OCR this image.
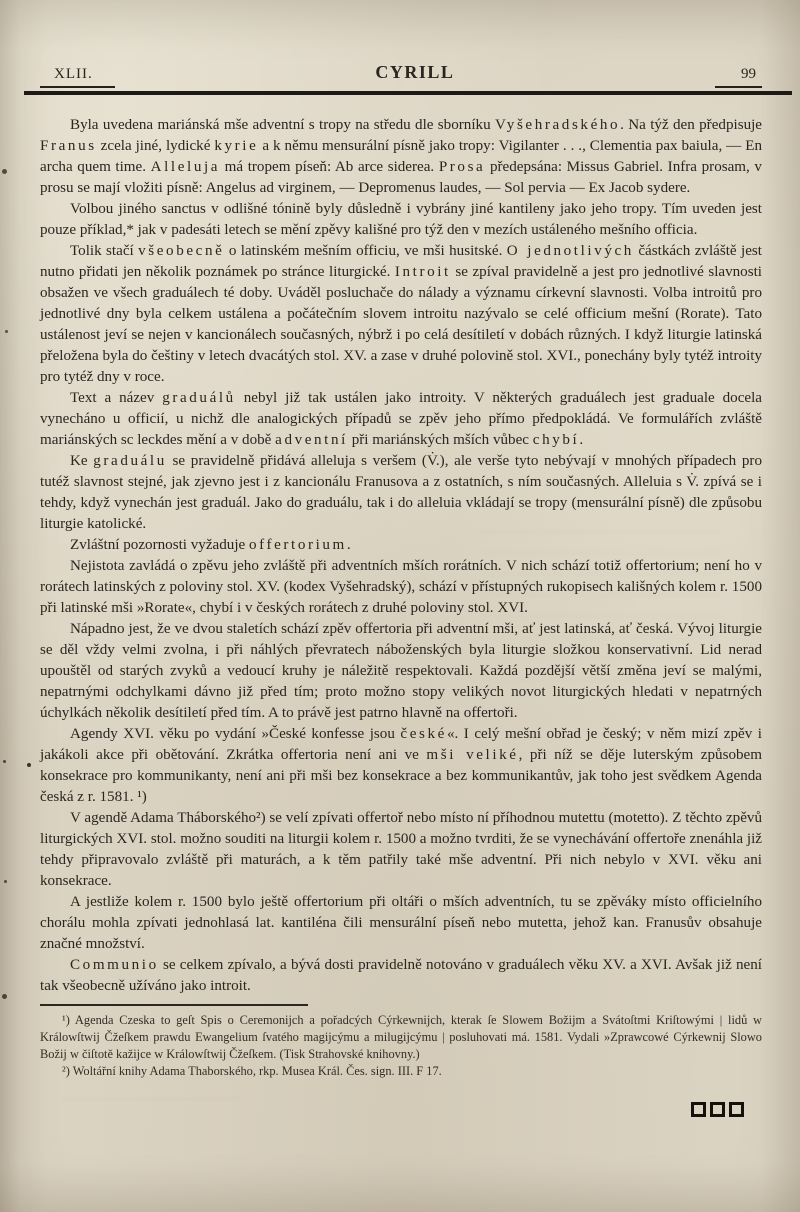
XLII.	CYRILL	99

Byla uvedena mariánská mše adventní s tropy na středu dle sborníku Vyšehradského. Na týž den předpisuje Franus zcela jiné, lydické kyrie a k němu mensurální písně jako tropy: Vigilanter . . ., Clementia pax baiula, — En archa quem time. Alleluja má tropem píseň: Ab arce siderea. Prosa předepsána: Missus Gabriel. Infra prosam, v prosu se mají vložiti písně: Angelus ad virginem, — Depromenus laudes, — Sol pervia — Ex Jacob sydere.

Volbou jiného sanctus v odlišné tónině byly důsledně i vybrány jiné kantileny jako jeho tropy. Tím uveden jest pouze příklad,* jak v padesáti letech se mění zpěvy kališné pro týž den v mezích ustáleného mešního officia.

Tolik stačí všeobecně o latinském mešním officiu, ve mši husitské. O jednotlivých částkách zvláště jest nutno přidati jen několik poznámek po stránce liturgické. Introit se zpíval pravidelně a jest pro jednotlivé slavnosti obsažen ve všech graduálech té doby. Uváděl posluchače do nálady a významu církevní slavnosti. Volba introitů pro jednotlivé dny byla celkem ustálena a počátečním slovem introitu nazývalo se celé officium mešní (Rorate). Tato ustálenost jeví se nejen v kancionálech současných, nýbrž i po celá desítiletí v dobách různých. I když liturgie latinská přeložena byla do češtiny v letech dvacátých stol. XV. a zase v druhé polovině stol. XVI., ponechány byly tytéž introity pro tytéž dny v roce.

Text a název graduálů nebyl již tak ustálen jako introity. V některých graduálech jest graduale docela vynecháno u officií, u nichž dle analogických případů se zpěv jeho přímo předpokládá. Ve formulářích zvláště mariánských sc leckdes mění a v době adventní při mariánských mších vůbec chybí.

Ke graduálu se pravidelně přidává alleluja s veršem (V̇.), ale verše tyto nebývají v mnohých případech pro tutéž slavnost stejné, jak zjevno jest i z kancionálu Franusova a z ostatních, s ním současných. Alleluia s V̇. zpívá se i tehdy, když vynechán jest graduál. Jako do graduálu, tak i do alleluia vkládají se tropy (mensurální písně) dle způsobu liturgie katolické.

Zvláštní pozornosti vyžaduje offertorium.

Nejistota zavládá o zpěvu jeho zvláště při adventních mších rorátních. V nich schází totiž offertorium; není ho v rorátech latinských z poloviny stol. XV. (kodex Vyšehradský), schází v přístupných rukopisech kališných kolem r. 1500 při latinské mši »Rorate«, chybí i v českých rorátech z druhé poloviny stol. XVI.

Nápadno jest, že ve dvou staletích schází zpěv offertoria při adventní mši, ať jest latinská, ať česká. Vývoj liturgie se děl vždy velmi zvolna, i při náhlých převratech náboženských byla liturgie složkou konservativní. Lid nerad upouštěl od starých zvyků a vedoucí kruhy je náležitě respektovali. Každá pozdější větší změna jeví se malými, nepatrnými odchylkami dávno již před tím; proto možno stopy velikých novot liturgických hledati v nepatrných úchylkách několik desítiletí před tím. A to právě jest patrno hlavně na offertoři.

Agendy XVI. věku po vydání »České konfesse jsou české«. I celý mešní obřad je český; v něm mizí zpěv i jakákoli akce při obětování. Zkrátka offertoria není ani ve mši veliké, při níž se děje luterským způsobem konsekrace pro kommunikanty, není ani při mši bez konsekrace a bez kommunikantův, jak toho jest svědkem Agenda česká z r. 1581. ¹)

V agendě Adama Tháborského²) se velí zpívati offertoř nebo místo ní příhodnou mutettu (motetto). Z těchto zpěvů liturgických XVI. stol. možno souditi na liturgii kolem r. 1500 a možno tvrditi, že se vynechávání offertoře znenáhla již tehdy připravovalo zvláště při maturách, a k těm patřily také mše adventní. Při nich nebylo v XVI. věku ani konsekrace.

A jestliže kolem r. 1500 bylo ještě offertorium při oltáři o mších adventních, tu se zpěváky místo officielního chorálu mohla zpívati jednohlasá lat. kantiléna čili mensurální píseň nebo mutetta, jehož kan. Franusův obsahuje značné množství.

Communio se celkem zpívalo, a bývá dosti pravidelně notováno v graduálech věku XV. a XVI. Avšak již není tak všeobecně užíváno jako introit.

¹) Agenda Czeska to geſt Spis o Ceremonijch a pořadcých Cýrkewnijch, kterak ſe Slowem Božijm a Svátoſtmi Kriſtowými | lidů w Králowſtwij Čžeſkem prawdu Ewangelium ſvatého magijcýmu a milugijcýmu | posluhovati má. 1581. Vydali »Zprawcowé Cýrkewnij Slowo Božij w čiſtotě kažijce w Králowſtwij Čžeſkem. (Tisk Strahovské knihovny.)

²) Woltářní knihy Adama Thaborského, rkp. Musea Král. Čes. sign. III. F 17.
